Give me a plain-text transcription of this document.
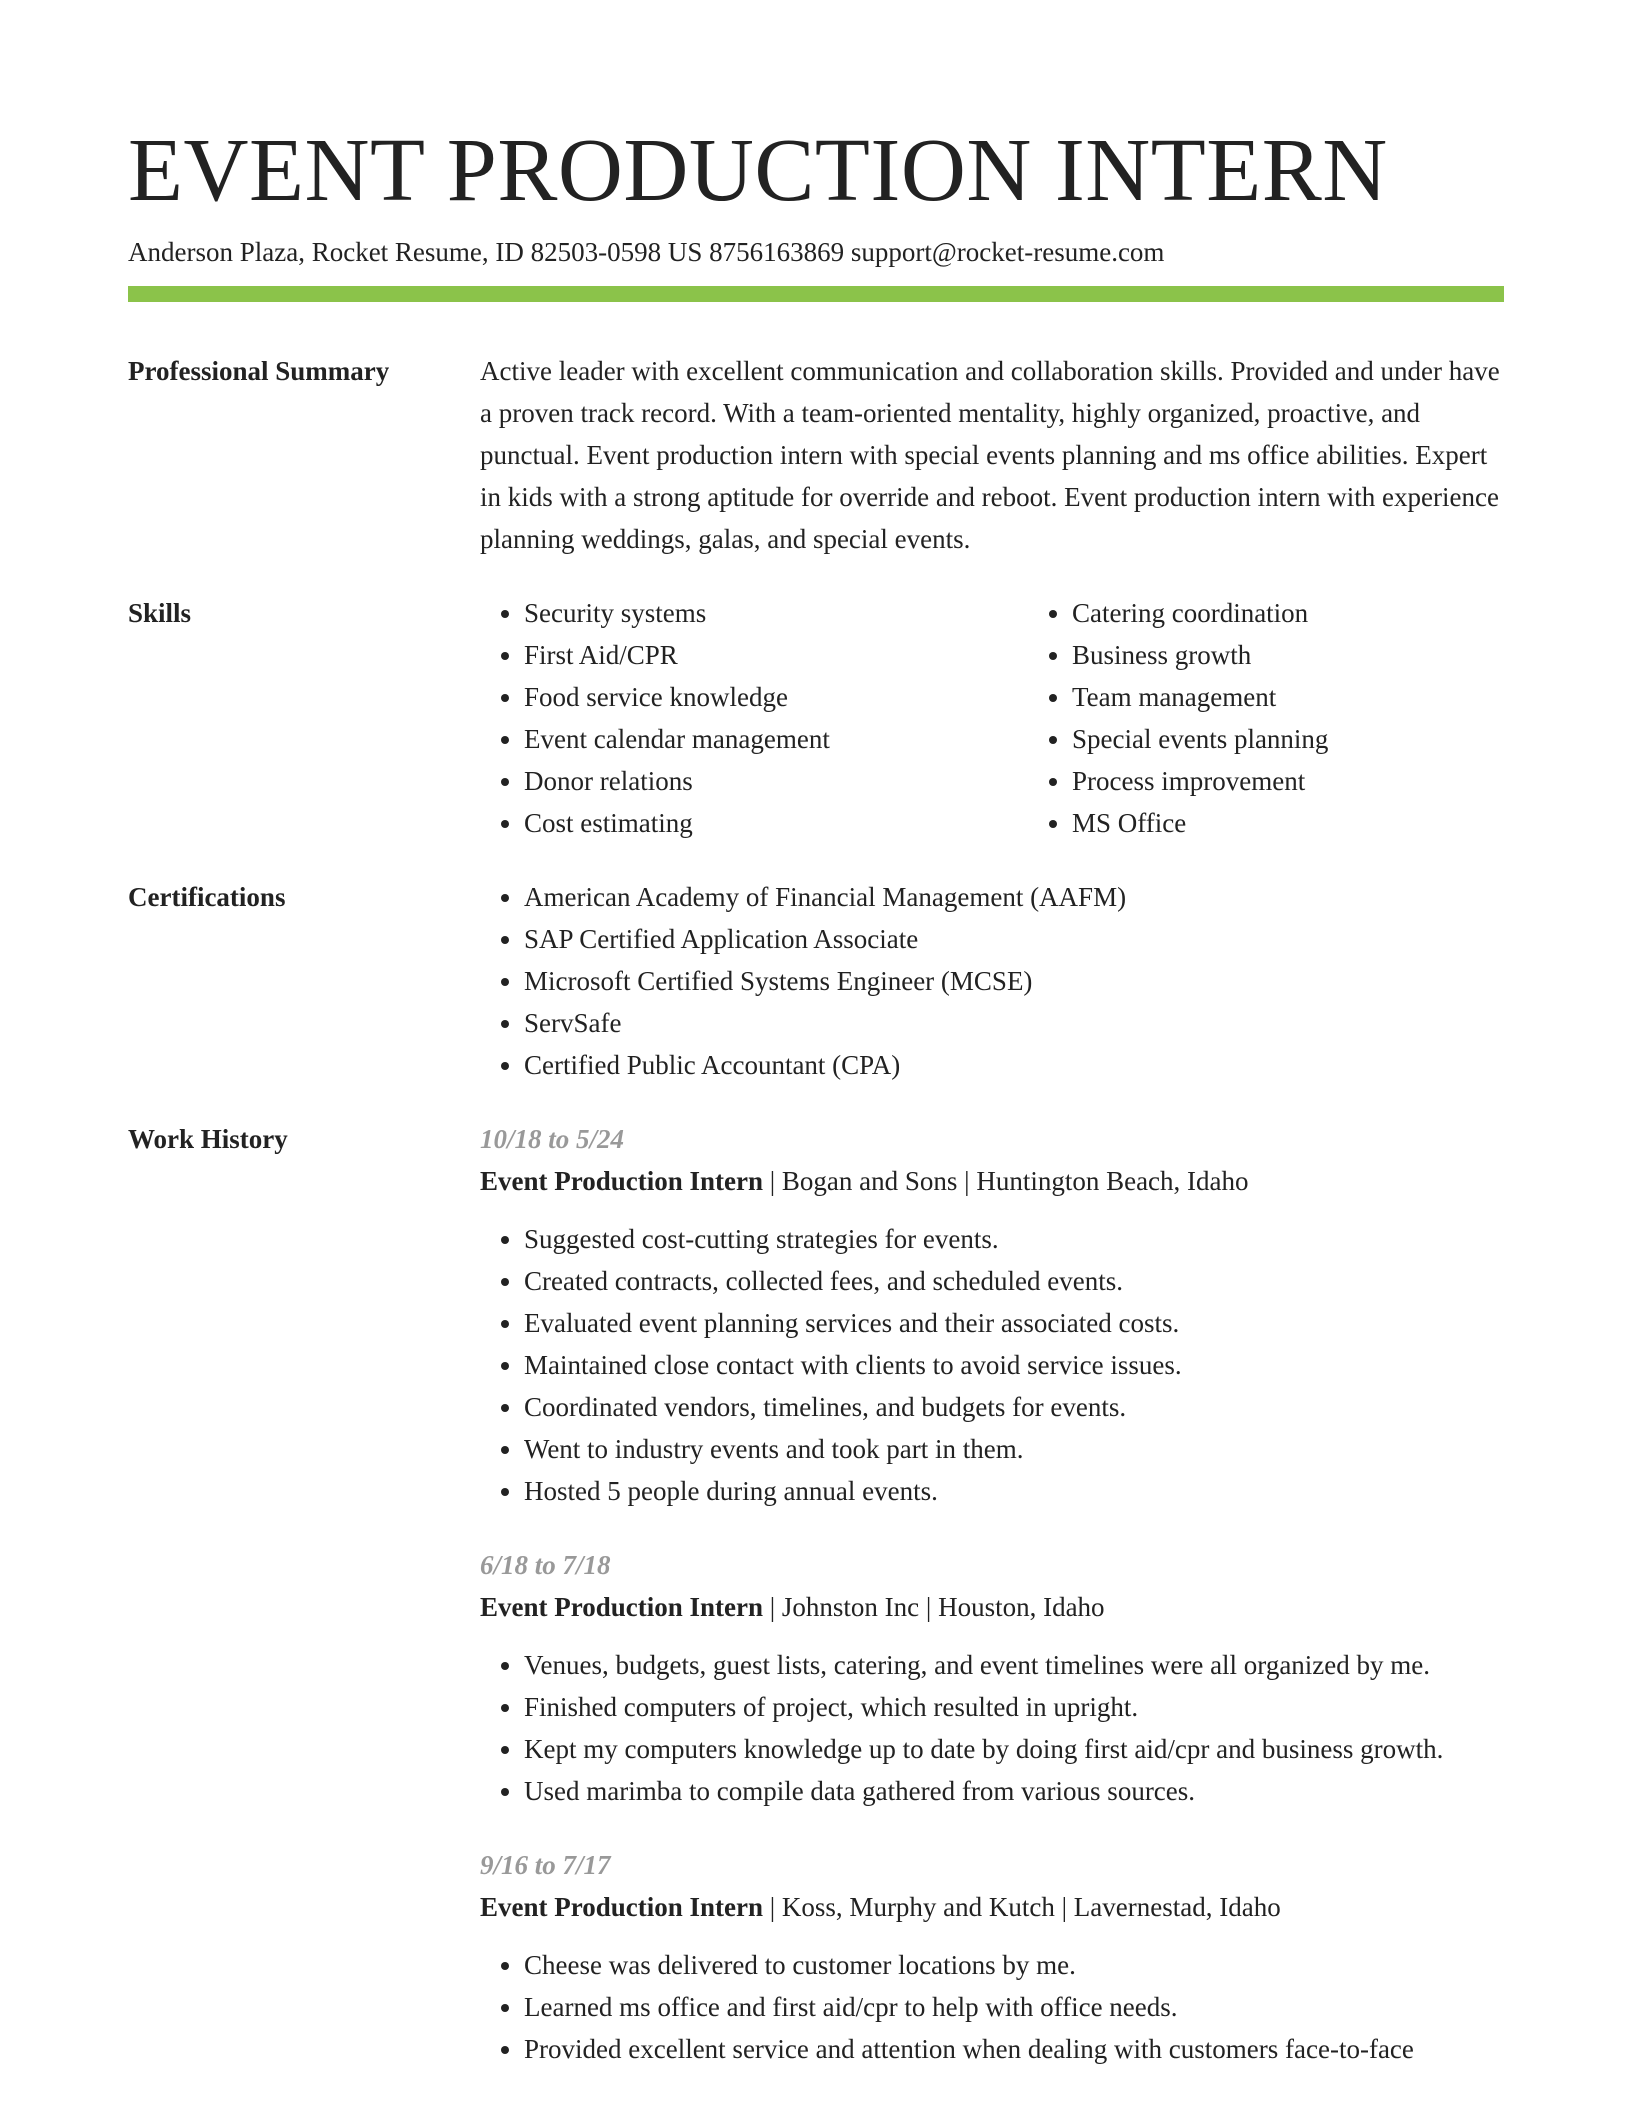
EVENT PRODUCTION INTERN
Anderson Plaza, Rocket Resume, ID 82503-0598 US 8756163869 support@rocket-resume.com
Professional Summary	Active leader with excellent communication and collaboration skills. Provided and under have a proven track record. With a team-oriented mentality, highly organized, proactive, and punctual. Event production intern with special events planning and ms office abilities. Expert in kids with a strong aptitude for override and reboot. Event production intern with experience planning weddings, galas, and special events.
Skills	• Security systems
• First Aid/CPR
• Food service knowledge
• Event calendar management
• Donor relations
• Cost estimating
• Catering coordination
• Business growth
• Team management
• Special events planning
• Process improvement
• MS Office
Certifications	• American Academy of Financial Management (AAFM)
• SAP Certified Application Associate
• Microsoft Certified Systems Engineer (MCSE)
• ServSafe
• Certified Public Accountant (CPA)
Work History	10/18 to 5/24
Event Production Intern | Bogan and Sons | Huntington Beach, Idaho
• Suggested cost-cutting strategies for events.
• Created contracts, collected fees, and scheduled events.
• Evaluated event planning services and their associated costs.
• Maintained close contact with clients to avoid service issues.
• Coordinated vendors, timelines, and budgets for events.
• Went to industry events and took part in them.
• Hosted 5 people during annual events.
6/18 to 7/18
Event Production Intern | Johnston Inc | Houston, Idaho
• Venues, budgets, guest lists, catering, and event timelines were all organized by me.
• Finished computers of project, which resulted in upright.
• Kept my computers knowledge up to date by doing first aid/cpr and business growth.
• Used marimba to compile data gathered from various sources.
9/16 to 7/17
Event Production Intern | Koss, Murphy and Kutch | Lavernestad, Idaho
• Cheese was delivered to customer locations by me.
• Learned ms office and first aid/cpr to help with office needs.
• Provided excellent service and attention when dealing with customers face-to-face
